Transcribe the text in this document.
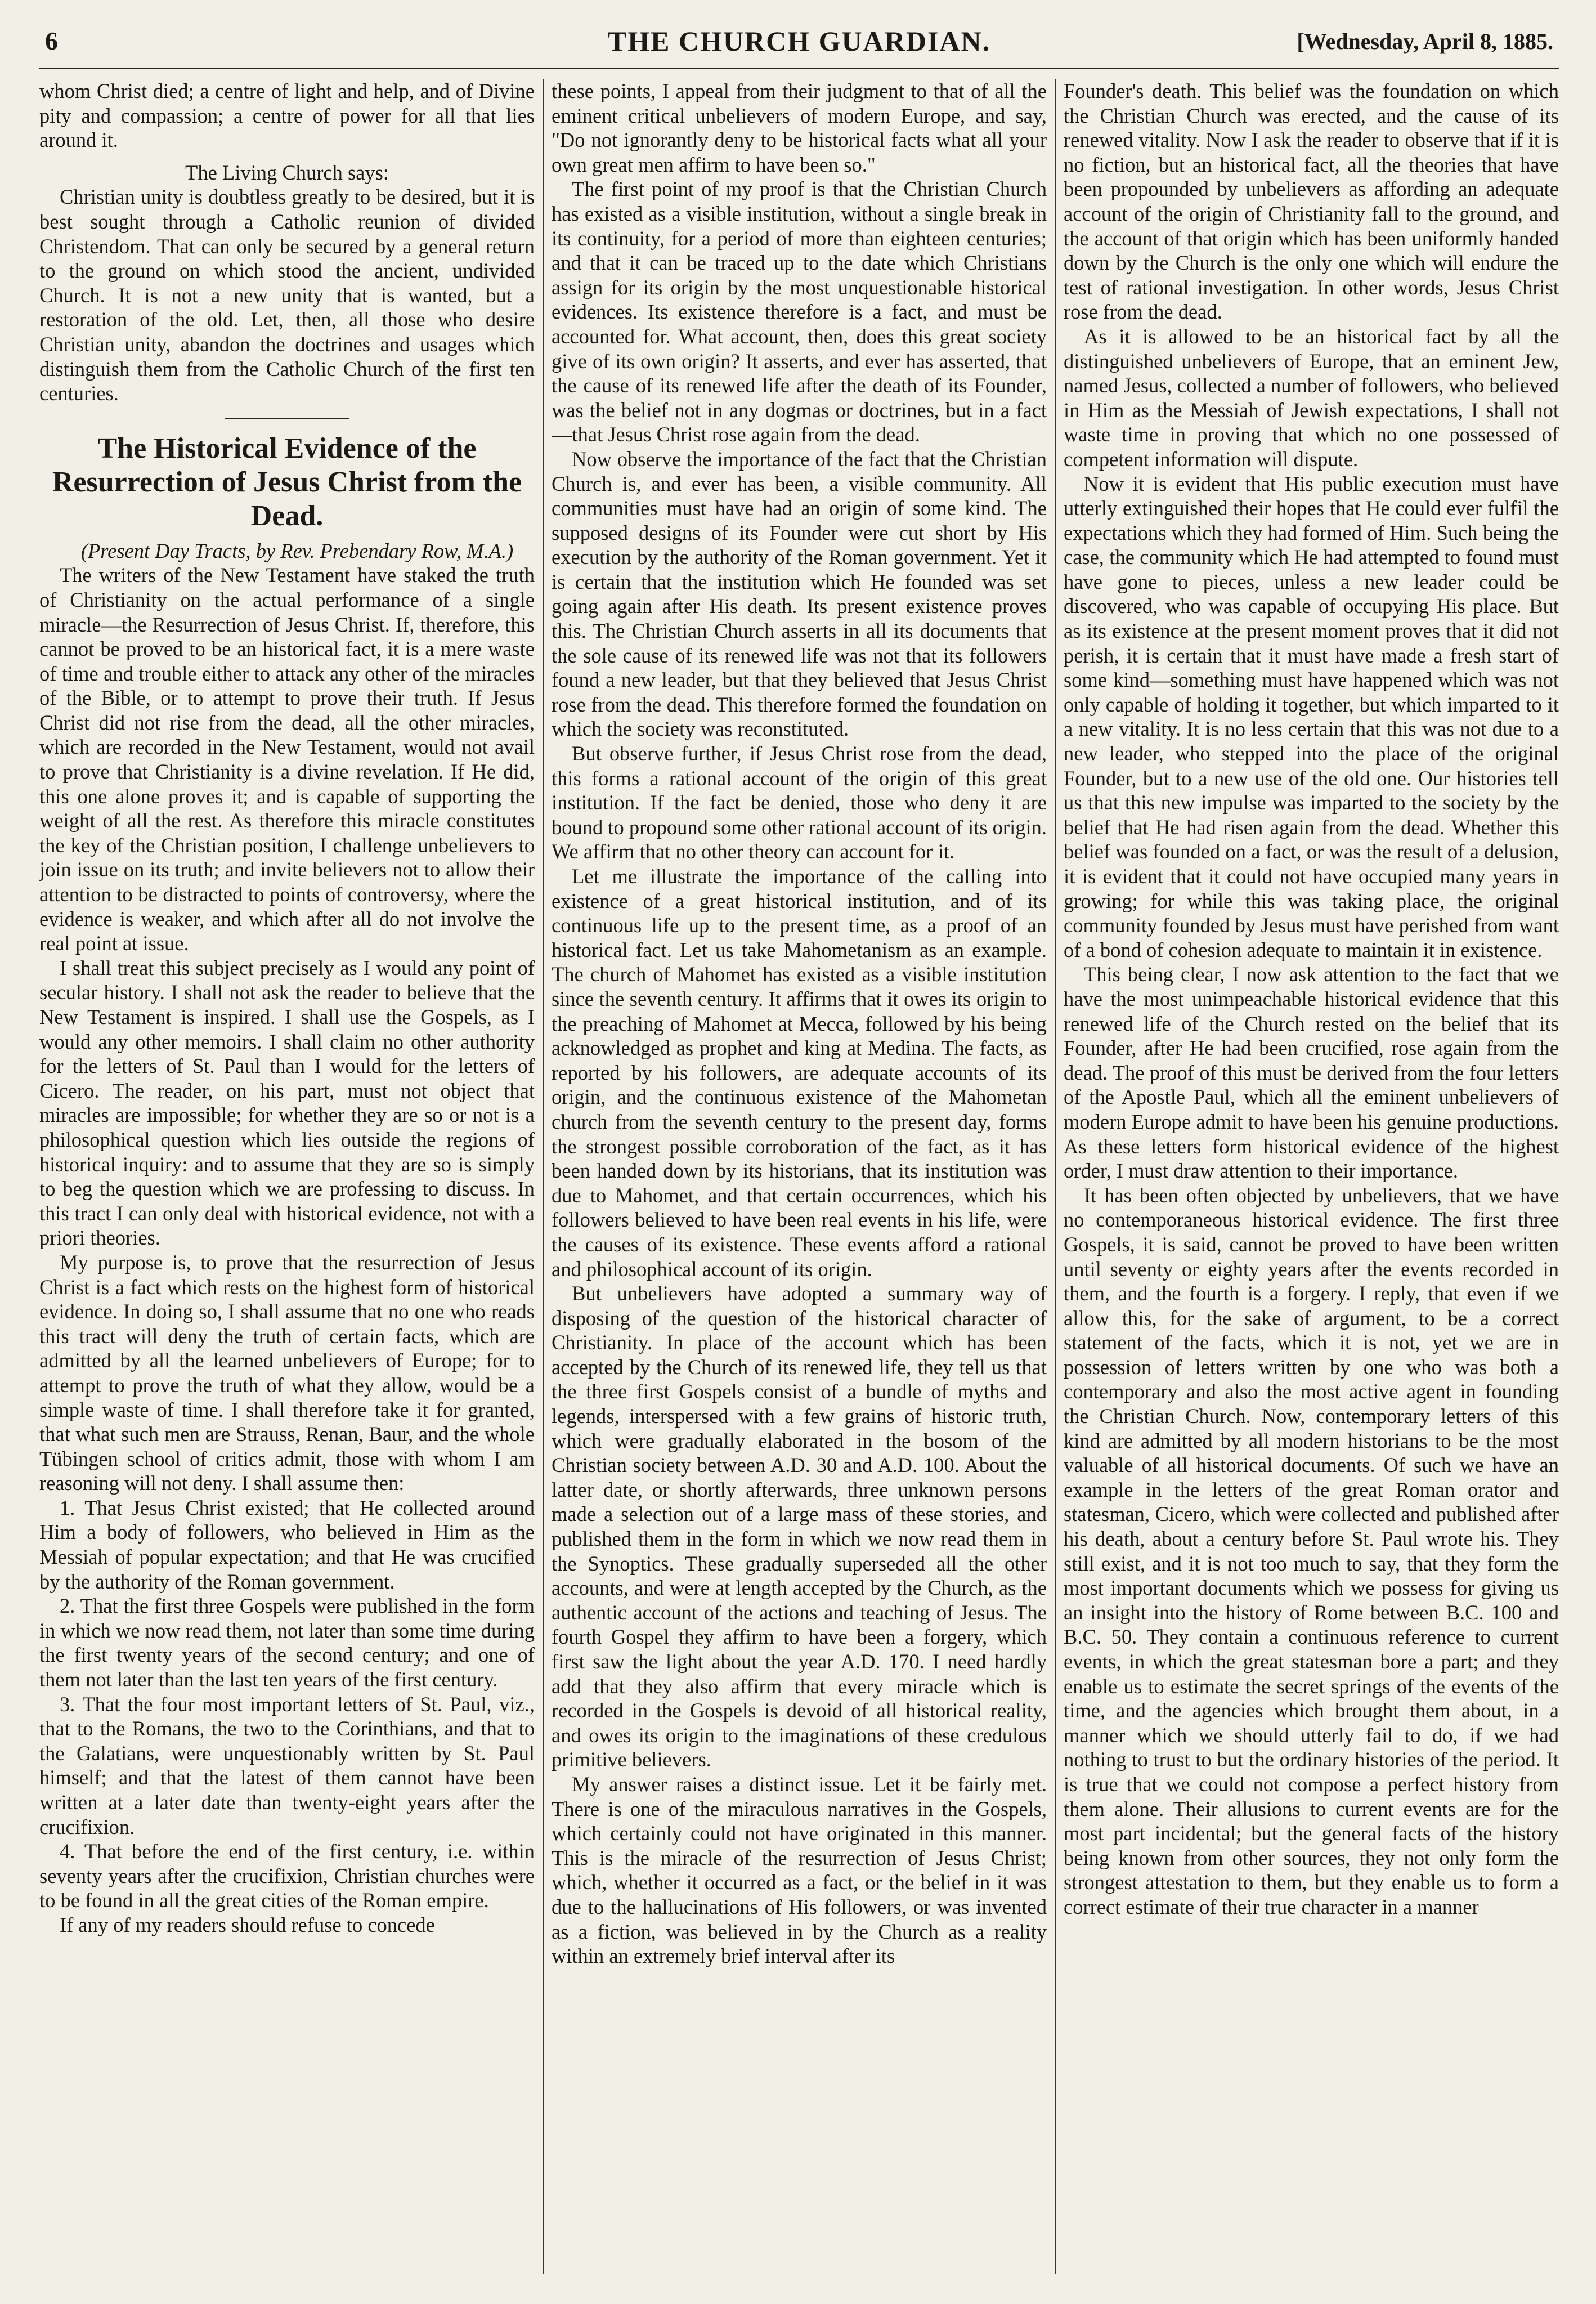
6	THE CHURCH GUARDIAN.	[Wednesday, April 8, 1885.

whom Christ died; a centre of light and help, and of Divine pity and compassion; a centre of power for all that lies around it.

The Living Church says:

Christian unity is doubtless greatly to be desired, but it is best sought through a Catholic reunion of divided Christendom. That can only be secured by a general return to the ground on which stood the ancient, undivided Church. It is not a new unity that is wanted, but a restoration of the old. Let, then, all those who desire Christian unity, abandon the doctrines and usages which distinguish them from the Catholic Church of the first ten centuries.

The Historical Evidence of the Resurrection of Jesus Christ from the Dead.

(Present Day Tracts, by Rev. Prebendary Row, M.A.)

The writers of the New Testament have staked the truth of Christianity on the actual performance of a single miracle—the Resurrection of Jesus Christ. If, therefore, this cannot be proved to be an historical fact, it is a mere waste of time and trouble either to attack any other of the miracles of the Bible, or to attempt to prove their truth. If Jesus Christ did not rise from the dead, all the other miracles, which are recorded in the New Testament, would not avail to prove that Christianity is a divine revelation. If He did, this one alone proves it; and is capable of supporting the weight of all the rest. As therefore this miracle constitutes the key of the Christian position, I challenge unbelievers to join issue on its truth; and invite believers not to allow their attention to be distracted to points of controversy, where the evidence is weaker, and which after all do not involve the real point at issue.

I shall treat this subject precisely as I would any point of secular history. I shall not ask the reader to believe that the New Testament is inspired. I shall use the Gospels, as I would any other memoirs. I shall claim no other authority for the letters of St. Paul than I would for the letters of Cicero. The reader, on his part, must not object that miracles are impossible; for whether they are so or not is a philosophical question which lies outside the regions of historical inquiry: and to assume that they are so is simply to beg the question which we are professing to discuss. In this tract I can only deal with historical evidence, not with a priori theories.

My purpose is, to prove that the resurrection of Jesus Christ is a fact which rests on the highest form of historical evidence. In doing so, I shall assume that no one who reads this tract will deny the truth of certain facts, which are admitted by all the learned unbelievers of Europe; for to attempt to prove the truth of what they allow, would be a simple waste of time. I shall therefore take it for granted, that what such men are Strauss, Renan, Baur, and the whole Tübingen school of critics admit, those with whom I am reasoning will not deny. I shall assume then:

1. That Jesus Christ existed; that He collected around Him a body of followers, who believed in Him as the Messiah of popular expectation; and that He was crucified by the authority of the Roman government.

2. That the first three Gospels were published in the form in which we now read them, not later than some time during the first twenty years of the second century; and one of them not later than the last ten years of the first century.

3. That the four most important letters of St. Paul, viz., that to the Romans, the two to the Corinthians, and that to the Galatians, were unquestionably written by St. Paul himself; and that the latest of them cannot have been written at a later date than twenty-eight years after the crucifixion.

4. That before the end of the first century, i.e. within seventy years after the crucifixion, Christian churches were to be found in all the great cities of the Roman empire.

If any of my readers should refuse to concede

these points, I appeal from their judgment to that of all the eminent critical unbelievers of modern Europe, and say, "Do not ignorantly deny to be historical facts what all your own great men affirm to have been so."

The first point of my proof is that the Christian Church has existed as a visible institution, without a single break in its continuity, for a period of more than eighteen centuries; and that it can be traced up to the date which Christians assign for its origin by the most unquestionable historical evidences. Its existence therefore is a fact, and must be accounted for. What account, then, does this great society give of its own origin? It asserts, and ever has asserted, that the cause of its renewed life after the death of its Founder, was the belief not in any dogmas or doctrines, but in a fact—that Jesus Christ rose again from the dead.

Now observe the importance of the fact that the Christian Church is, and ever has been, a visible community. All communities must have had an origin of some kind. The supposed designs of its Founder were cut short by His execution by the authority of the Roman government. Yet it is certain that the institution which He founded was set going again after His death. Its present existence proves this. The Christian Church asserts in all its documents that the sole cause of its renewed life was not that its followers found a new leader, but that they believed that Jesus Christ rose from the dead. This therefore formed the foundation on which the society was reconstituted.

But observe further, if Jesus Christ rose from the dead, this forms a rational account of the origin of this great institution. If the fact be denied, those who deny it are bound to propound some other rational account of its origin. We affirm that no other theory can account for it.

Let me illustrate the importance of the calling into existence of a great historical institution, and of its continuous life up to the present time, as a proof of an historical fact. Let us take Mahometanism as an example. The church of Mahomet has existed as a visible institution since the seventh century. It affirms that it owes its origin to the preaching of Mahomet at Mecca, followed by his being acknowledged as prophet and king at Medina. The facts, as reported by his followers, are adequate accounts of its origin, and the continuous existence of the Mahometan church from the seventh century to the present day, forms the strongest possible corroboration of the fact, as it has been handed down by its historians, that its institution was due to Mahomet, and that certain occurrences, which his followers believed to have been real events in his life, were the causes of its existence. These events afford a rational and philosophical account of its origin.

But unbelievers have adopted a summary way of disposing of the question of the historical character of Christianity. In place of the account which has been accepted by the Church of its renewed life, they tell us that the three first Gospels consist of a bundle of myths and legends, interspersed with a few grains of historic truth, which were gradually elaborated in the bosom of the Christian society between A.D. 30 and A.D. 100. About the latter date, or shortly afterwards, three unknown persons made a selection out of a large mass of these stories, and published them in the form in which we now read them in the Synoptics. These gradually superseded all the other accounts, and were at length accepted by the Church, as the authentic account of the actions and teaching of Jesus. The fourth Gospel they affirm to have been a forgery, which first saw the light about the year A.D. 170. I need hardly add that they also affirm that every miracle which is recorded in the Gospels is devoid of all historical reality, and owes its origin to the imaginations of these credulous primitive believers.

My answer raises a distinct issue. Let it be fairly met. There is one of the miraculous narratives in the Gospels, which certainly could not have originated in this manner. This is the miracle of the resurrection of Jesus Christ; which, whether it occurred as a fact, or the belief in it was due to the hallucinations of His followers, or was invented as a fiction, was believed in by the Church as a reality within an extremely brief interval after its

Founder's death. This belief was the foundation on which the Christian Church was erected, and the cause of its renewed vitality. Now I ask the reader to observe that if it is no fiction, but an historical fact, all the theories that have been propounded by unbelievers as affording an adequate account of the origin of Christianity fall to the ground, and the account of that origin which has been uniformly handed down by the Church is the only one which will endure the test of rational investigation. In other words, Jesus Christ rose from the dead.

As it is allowed to be an historical fact by all the distinguished unbelievers of Europe, that an eminent Jew, named Jesus, collected a number of followers, who believed in Him as the Messiah of Jewish expectations, I shall not waste time in proving that which no one possessed of competent information will dispute.

Now it is evident that His public execution must have utterly extinguished their hopes that He could ever fulfil the expectations which they had formed of Him. Such being the case, the community which He had attempted to found must have gone to pieces, unless a new leader could be discovered, who was capable of occupying His place. But as its existence at the present moment proves that it did not perish, it is certain that it must have made a fresh start of some kind—something must have happened which was not only capable of holding it together, but which imparted to it a new vitality. It is no less certain that this was not due to a new leader, who stepped into the place of the original Founder, but to a new use of the old one. Our histories tell us that this new impulse was imparted to the society by the belief that He had risen again from the dead. Whether this belief was founded on a fact, or was the result of a delusion, it is evident that it could not have occupied many years in growing; for while this was taking place, the original community founded by Jesus must have perished from want of a bond of cohesion adequate to maintain it in existence.

This being clear, I now ask attention to the fact that we have the most unimpeachable historical evidence that this renewed life of the Church rested on the belief that its Founder, after He had been crucified, rose again from the dead. The proof of this must be derived from the four letters of the Apostle Paul, which all the eminent unbelievers of modern Europe admit to have been his genuine productions. As these letters form historical evidence of the highest order, I must draw attention to their importance.

It has been often objected by unbelievers, that we have no contemporaneous historical evidence. The first three Gospels, it is said, cannot be proved to have been written until seventy or eighty years after the events recorded in them, and the fourth is a forgery. I reply, that even if we allow this, for the sake of argument, to be a correct statement of the facts, which it is not, yet we are in possession of letters written by one who was both a contemporary and also the most active agent in founding the Christian Church. Now, contemporary letters of this kind are admitted by all modern historians to be the most valuable of all historical documents. Of such we have an example in the letters of the great Roman orator and statesman, Cicero, which were collected and published after his death, about a century before St. Paul wrote his. They still exist, and it is not too much to say, that they form the most important documents which we possess for giving us an insight into the history of Rome between B.C. 100 and B.C. 50. They contain a continuous reference to current events, in which the great statesman bore a part; and they enable us to estimate the secret springs of the events of the time, and the agencies which brought them about, in a manner which we should utterly fail to do, if we had nothing to trust to but the ordinary histories of the period. It is true that we could not compose a perfect history from them alone. Their allusions to current events are for the most part incidental; but the general facts of the history being known from other sources, they not only form the strongest attestation to them, but they enable us to form a correct estimate of their true character in a manner
